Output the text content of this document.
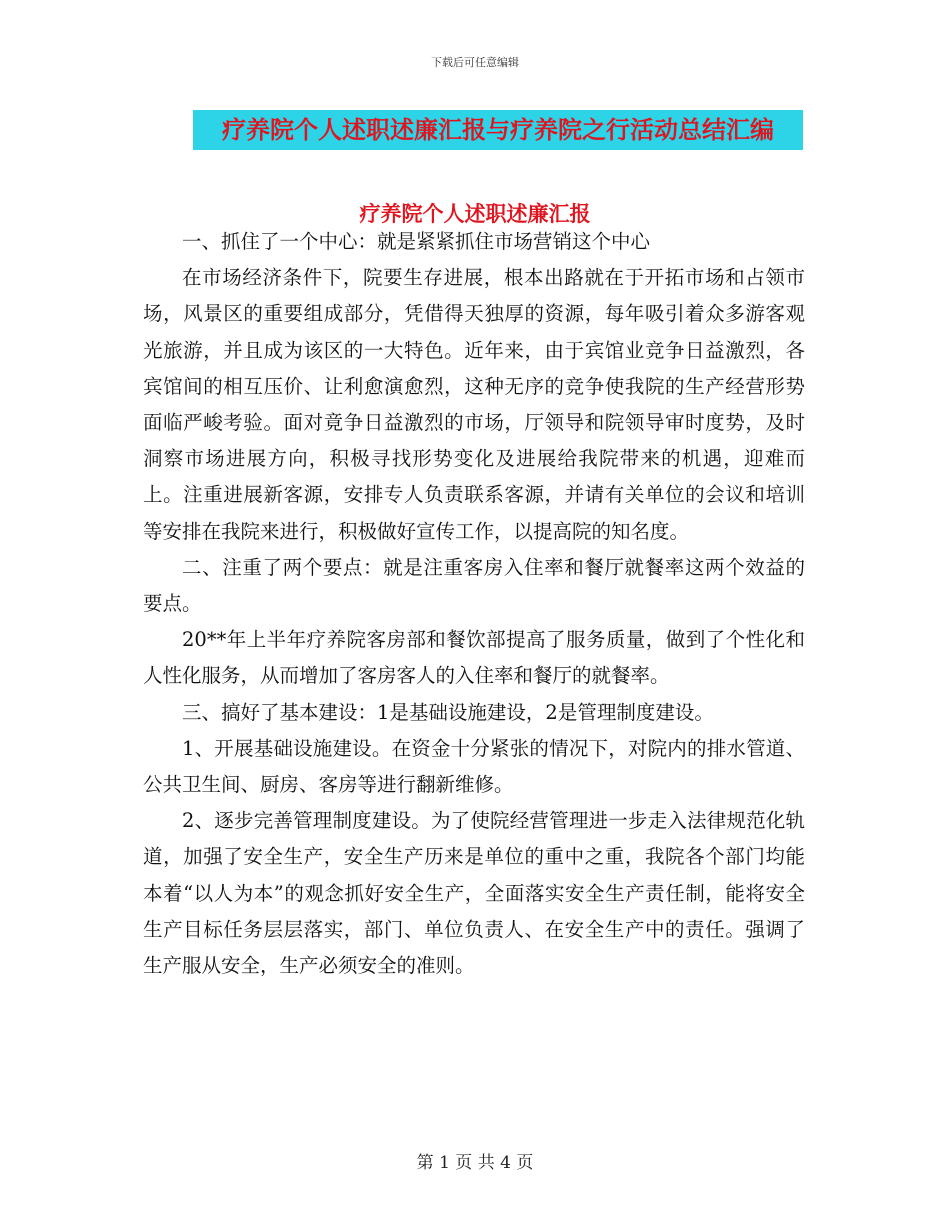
下载后可任意编辑
疗养院个人述职述廉汇报与疗养院之行活动总结汇编
疗养院个人述职述廉汇报

一、抓住了一个中心：就是紧紧抓住市场营销这个中心

在市场经济条件下，院要生存进展，根本出路就在于开拓市场和占领市场，风景区的重要组成部分，凭借得天独厚的资源，每年吸引着众多游客观光旅游，并且成为该区的一大特色。近年来，由于宾馆业竞争日益激烈，各宾馆间的相互压价、让利愈演愈烈，这种无序的竞争使我院的生产经营形势面临严峻考验。面对竟争日益激烈的市场，厅领导和院领导审时度势，及时洞察市场进展方向，积极寻找形势变化及进展给我院带来的机遇，迎难而上。注重进展新客源，安排专人负责联系客源，并请有关单位的会议和培训等安排在我院来进行，积极做好宣传工作，以提高院的知名度。

二、注重了两个要点：就是注重客房入住率和餐厅就餐率这两个效益的要点。

20**年上半年疗养院客房部和餐饮部提高了服务质量，做到了个性化和人性化服务，从而增加了客房客人的入住率和餐厅的就餐率。

三、搞好了基本建设：1是基础设施建设，2是管理制度建设。

1、开展基础设施建设。在资金十分紧张的情况下，对院内的排水管道、公共卫生间、厨房、客房等进行翻新维修。

2、逐步完善管理制度建设。为了使院经营管理进一步走入法律规范化轨道，加强了安全生产，安全生产历来是单位的重中之重，我院各个部门均能本着“以人为本”的观念抓好安全生产，全面落实安全生产责任制，能将安全生产目标任务层层落实，部门、单位负责人、在安全生产中的责任。强调了生产服从安全，生产必须安全的准则。

第 1 页 共 4 页
